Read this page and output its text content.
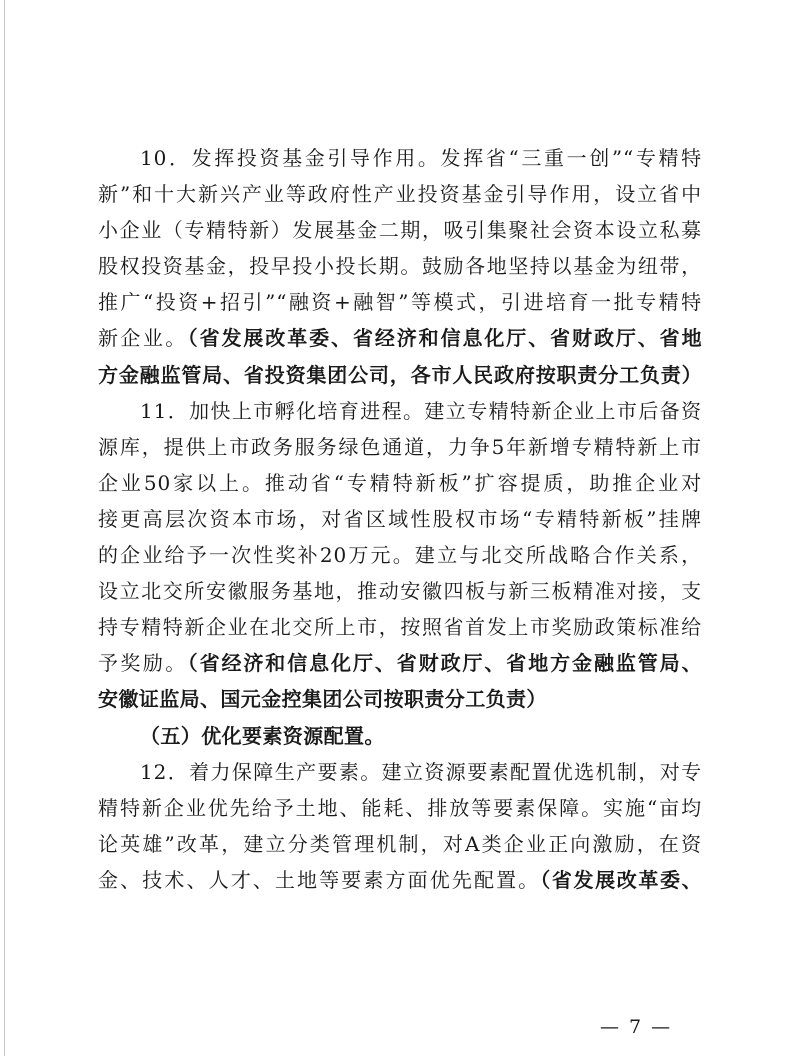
10．发挥投资基金引导作用。发挥省“三重一创”“专精特
新”和十大新兴产业等政府性产业投资基金引导作用，设立省中
小企业（专精特新）发展基金二期，吸引集聚社会资本设立私募
股权投资基金，投早投小投长期。鼓励各地坚持以基金为纽带，
推广“投资+招引”“融资+融智”等模式，引进培育一批专精特
新企业。（省发展改革委、省经济和信息化厅、省财政厅、省地
方金融监管局、省投资集团公司，各市人民政府按职责分工负责）
11．加快上市孵化培育进程。建立专精特新企业上市后备资
源库，提供上市政务服务绿色通道，力争5年新增专精特新上市
企业50家以上。推动省“专精特新板”扩容提质，助推企业对
接更高层次资本市场，对省区域性股权市场“专精特新板”挂牌
的企业给予一次性奖补20万元。建立与北交所战略合作关系，
设立北交所安徽服务基地，推动安徽四板与新三板精准对接，支
持专精特新企业在北交所上市，按照省首发上市奖励政策标准给
予奖励。（省经济和信息化厅、省财政厅、省地方金融监管局、
安徽证监局、国元金控集团公司按职责分工负责）
（五）优化要素资源配置。
12．着力保障生产要素。建立资源要素配置优选机制，对专
精特新企业优先给予土地、能耗、排放等要素保障。实施“亩均
论英雄”改革，建立分类管理机制，对A类企业正向激励，在资
金、技术、人才、土地等要素方面优先配置。（省发展改革委、
— 7 —
